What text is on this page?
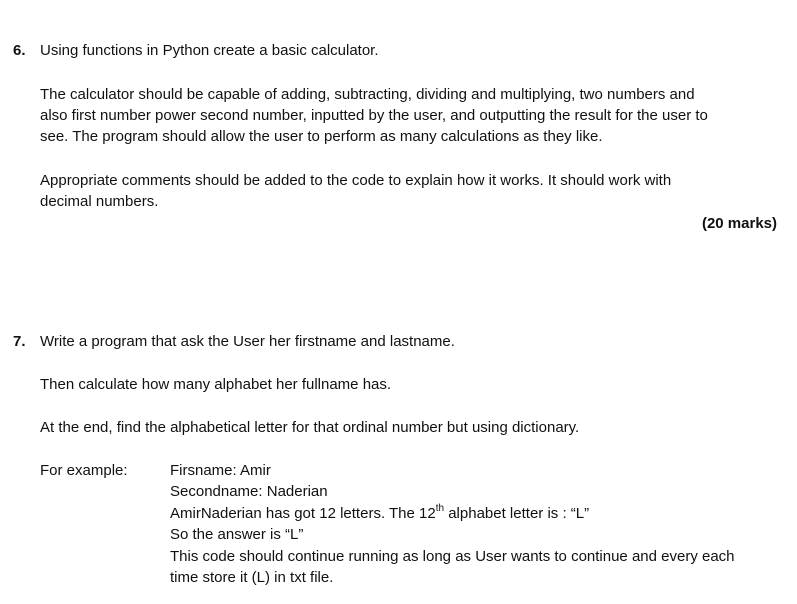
6. Using functions in Python create a basic calculator.
The calculator should be capable of adding, subtracting, dividing and multiplying, two numbers and
also first number power second number, inputted by the user, and outputting the result for the user to
see. The program should allow the user to perform as many calculations as they like.
Appropriate comments should be added to the code to explain how it works. It should work with
decimal numbers.
(20 marks)
7. Write a program that ask the User her firstname and lastname.
Then calculate how many alphabet her fullname has.
At the end, find the alphabetical letter for that ordinal number but using dictionary.
For example:	Firsname: Amir
Secondname: Naderian
AmirNaderian has got 12 letters. The 12th alphabet letter is : “L”
So the answer is “L”
This code should continue running as long as User wants to continue and every each
time store it (L) in txt file.
